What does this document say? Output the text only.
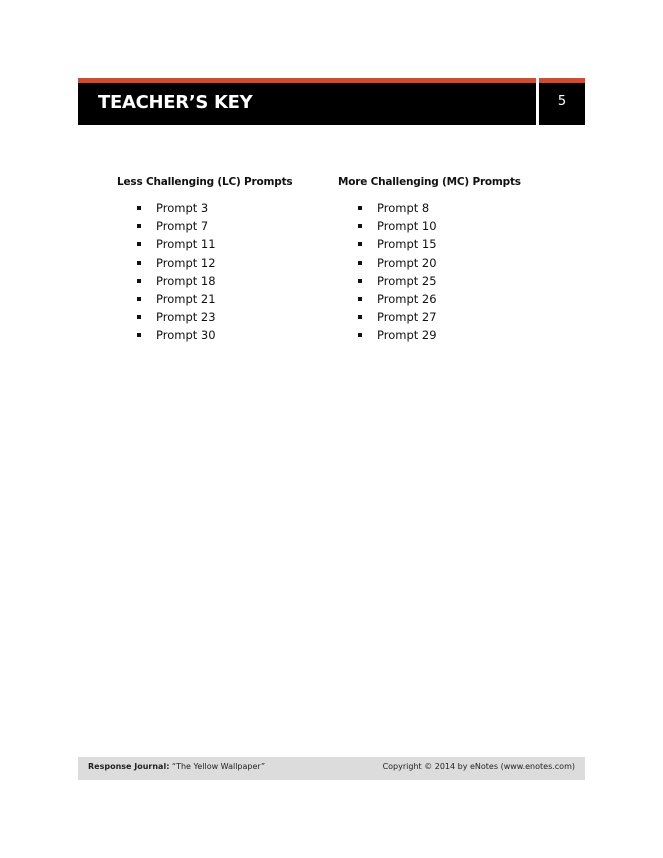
TEACHER’S KEY	5
Less Challenging (LC) Prompts
Prompt 3
Prompt 7
Prompt 11
Prompt 12
Prompt 18
Prompt 21
Prompt 23
Prompt 30
More Challenging (MC) Prompts
Prompt 8
Prompt 10
Prompt 15
Prompt 20
Prompt 25
Prompt 26
Prompt 27
Prompt 29
Response Journal: “The Yellow Wallpaper”	Copyright © 2014 by eNotes (www.enotes.com)
